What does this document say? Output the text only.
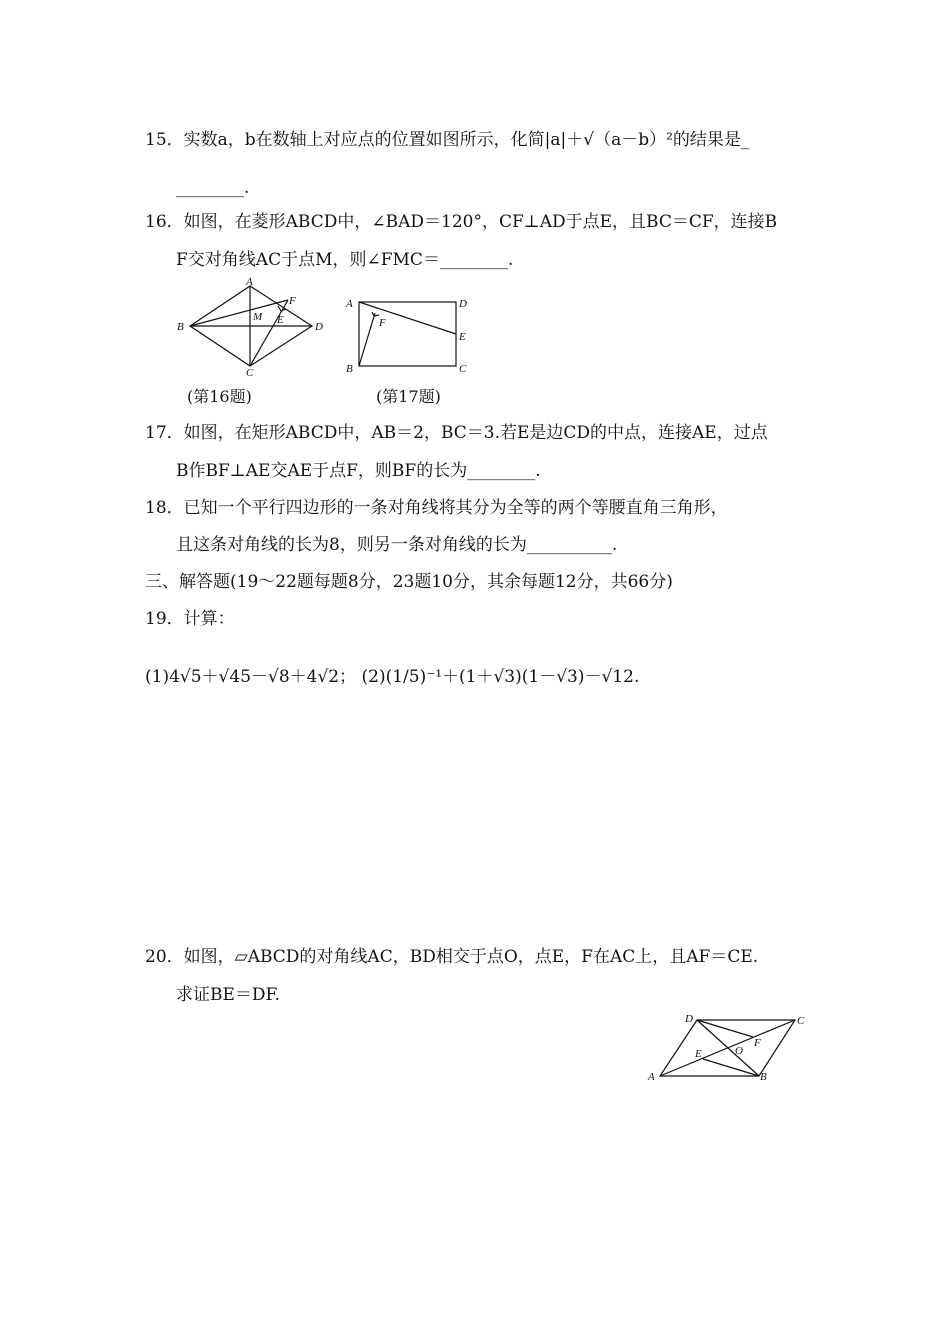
15．实数a，b在数轴上对应点的位置如图所示，化简|a|＋√（a－b）²的结果是_
________.
16．如图，在菱形ABCD中，∠BAD＝120°，CF⊥AD于点E，且BC＝CF，连接B
F交对角线AC于点M，则∠FMC＝________.
A
B
C
D
E
F
M
(第16题)
A	D
E
B	C
F
(第17题)
17．如图，在矩形ABCD中，AB＝2，BC＝3.若E是边CD的中点，连接AE，过点
B作BF⊥AE交AE于点F，则BF的长为________.
18．已知一个平行四边形的一条对角线将其分为全等的两个等腰直角三角形，
且这条对角线的长为8，则另一条对角线的长为__________.
三、解答题(19～22题每题8分，23题10分，其余每题12分，共66分)
19．计算：
(1)4√5＋√45－√8＋4√2； (2)(1/5)⁻¹＋(1＋√3)(1－√3)－√12.
20．如图，▱ABCD的对角线AC，BD相交于点O，点E，F在AC上，且AF＝CE.
求证BE＝DF.
A	B
C
D
E
F
O
